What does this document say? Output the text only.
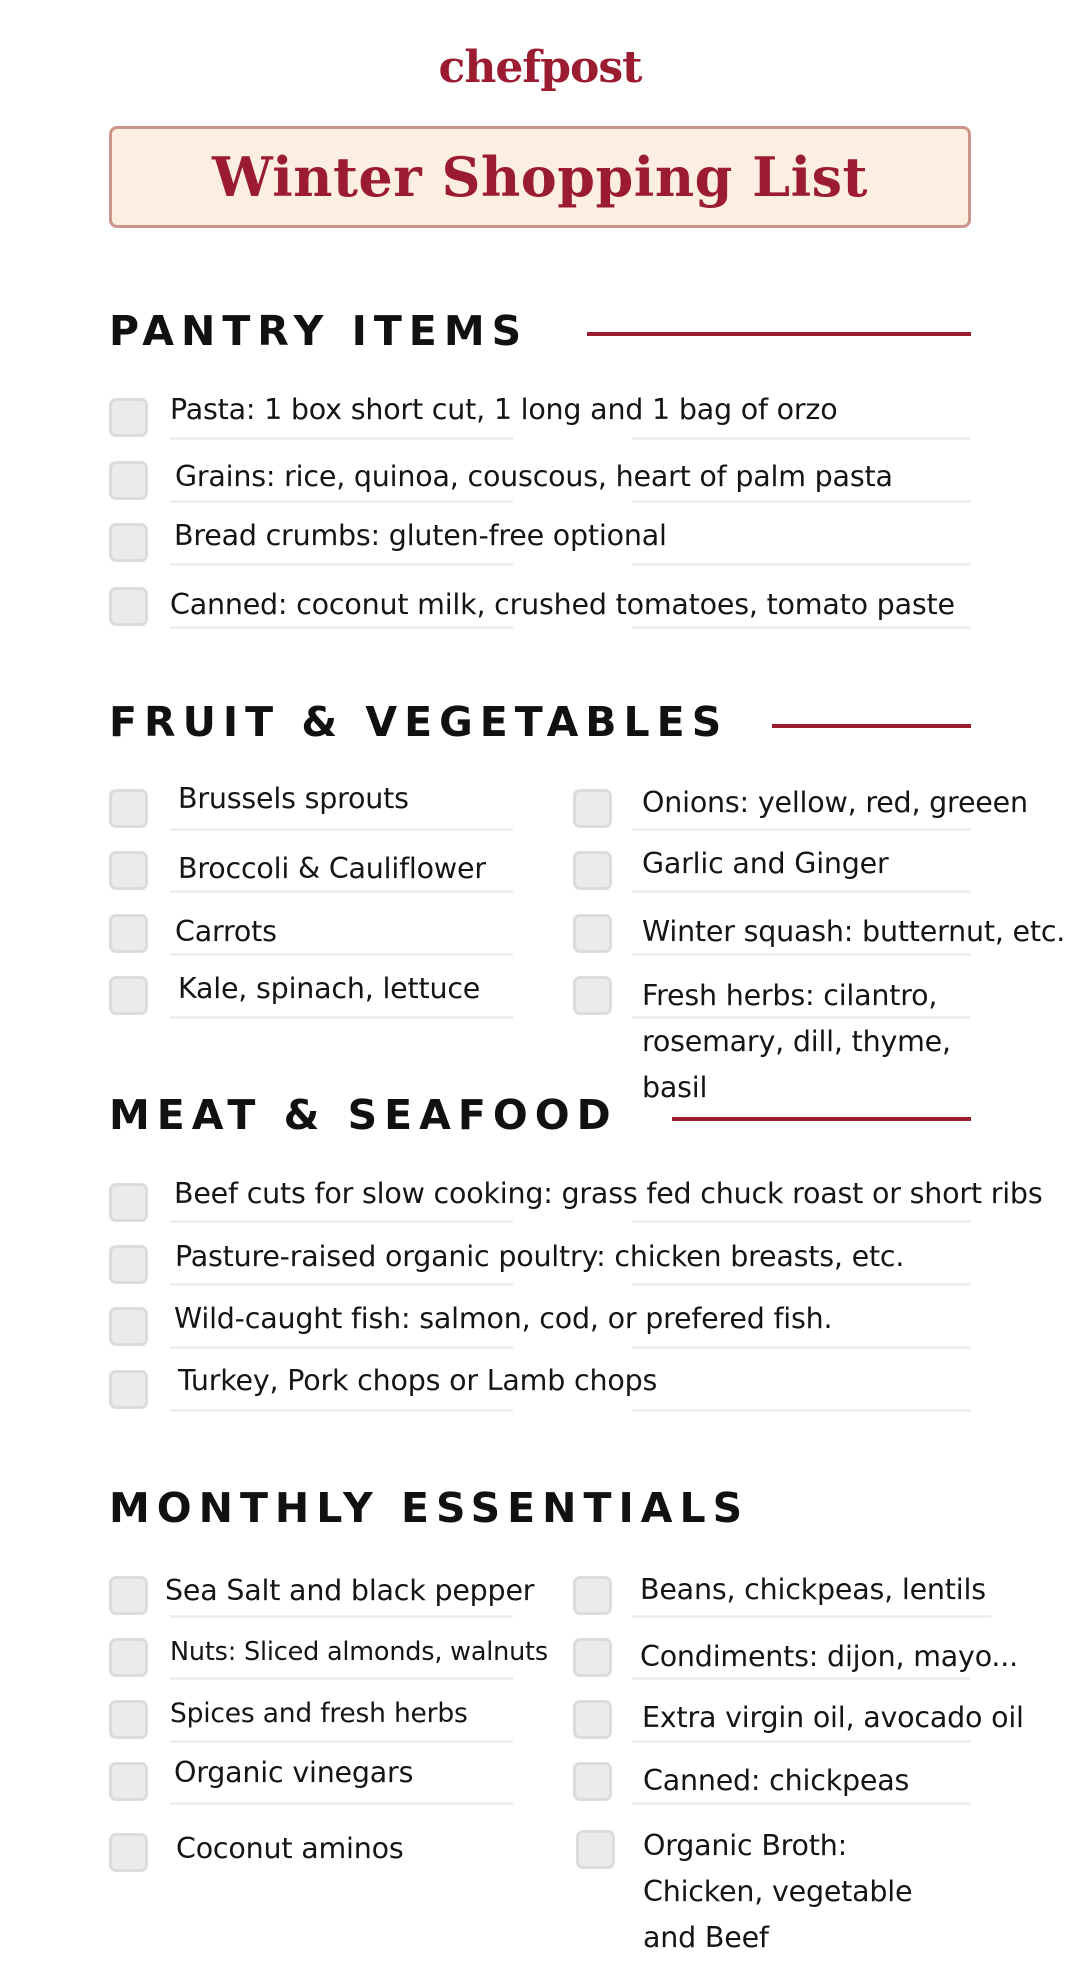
chefpost
Winter Shopping List
PANTRY ITEMS
Pasta: 1 box short cut, 1 long and 1 bag of orzo
Grains: rice, quinoa, couscous, heart of palm pasta
Bread crumbs: gluten-free optional
Canned: coconut milk, crushed tomatoes, tomato paste
FRUIT & VEGETABLES
Brussels sprouts
Broccoli & Cauliflower
Carrots
Kale, spinach, lettuce
Onions: yellow, red, greeen
Garlic and Ginger
Winter squash: butternut, etc.
Fresh herbs: cilantro, rosemary, dill, thyme, basil
MEAT & SEAFOOD
Beef cuts for slow cooking: grass fed chuck roast or short ribs
Pasture-raised organic poultry: chicken breasts, etc.
Wild-caught fish: salmon, cod, or prefered fish.
Turkey, Pork chops or Lamb chops
MONTHLY ESSENTIALS
Sea Salt and black pepper
Nuts: Sliced almonds, walnuts
Spices and fresh herbs
Organic vinegars
Coconut aminos
Beans, chickpeas, lentils
Condiments: dijon, mayo...
Extra virgin oil, avocado oil
Canned: chickpeas
Organic Broth: Chicken, vegetable and Beef
